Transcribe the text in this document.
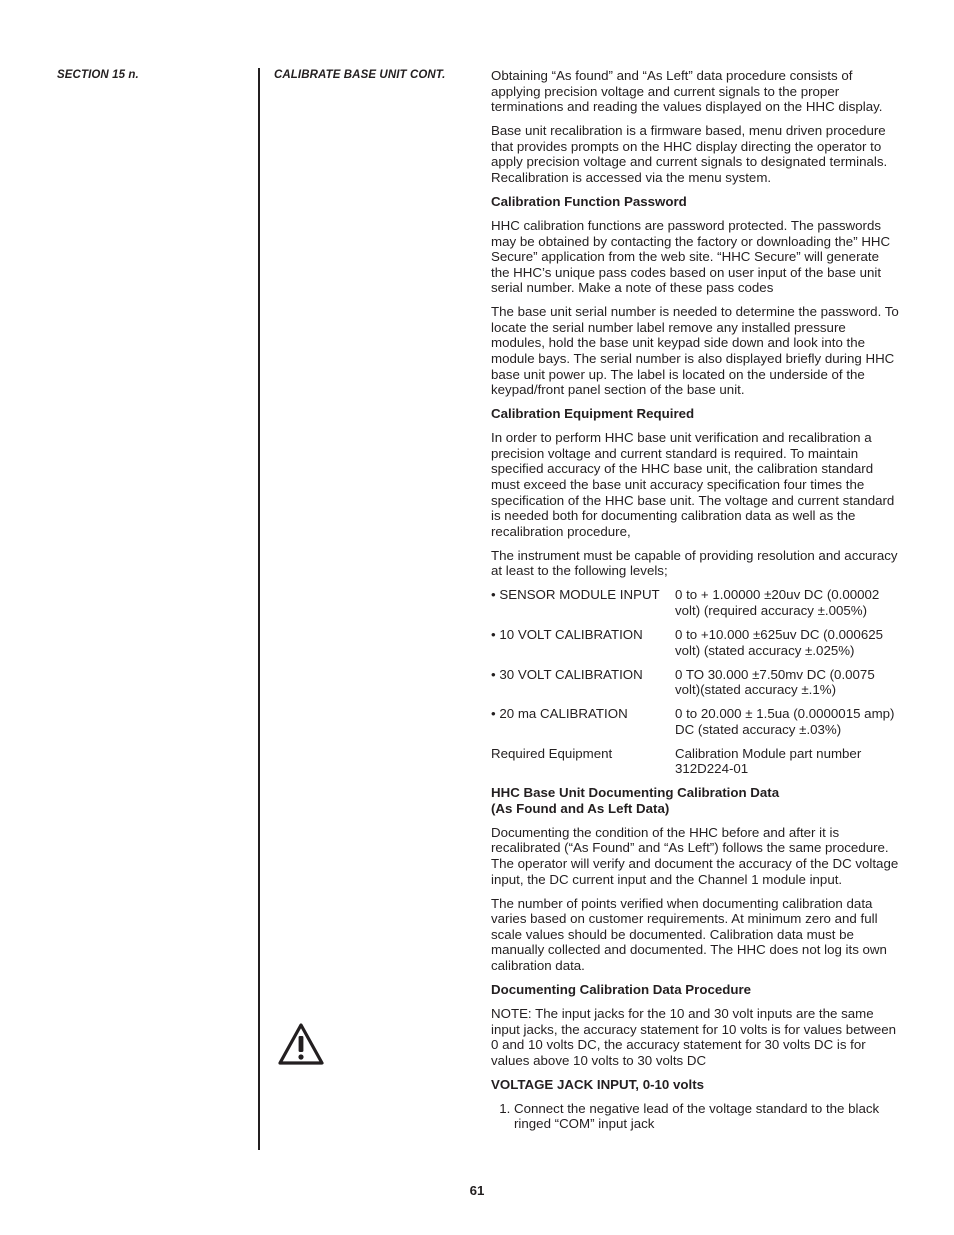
SECTION 15 n.	CALIBRATE BASE UNIT CONT.	Obtaining “As found” and “As Left” data procedure consists of applying precision voltage and current signals to the proper terminations and reading the values displayed on the HHC display.

Base unit recalibration is a firmware based, menu driven procedure that provides prompts on the HHC display directing the operator to apply precision voltage and current signals to designated terminals. Recalibration is accessed via the menu system.

Calibration Function Password

HHC calibration functions are password protected. The passwords may be obtained by contacting the factory or downloading the” HHC Secure” application from the web site. “HHC Secure” will generate the HHC’s unique pass codes based on user input of the base unit serial number. Make a note of these pass codes

The base unit serial number is needed to determine the password. To locate the serial number label remove any installed pressure modules, hold the base unit keypad side down and look into the module bays. The serial number is also displayed briefly during HHC base unit power up. The label is located on the underside of the keypad/front panel section of the base unit.

Calibration Equipment Required

In order to perform HHC base unit verification and recalibration a precision voltage and current standard is required. To maintain specified accuracy of the HHC base unit, the calibration standard must exceed the base unit accuracy specification four times the specification of the HHC base unit. The voltage and current standard is needed both for documenting calibration data as well as the recalibration procedure,

The instrument must be capable of providing resolution and accuracy at least to the following levels;

• SENSOR MODULE INPUT	0 to + 1.00000 ±20uv DC (0.00002 volt) (required accuracy ±.005%)
• 10 VOLT CALIBRATION	0 to +10.000 ±625uv DC (0.000625 volt) (stated accuracy ±.025%)
• 30 VOLT CALIBRATION	0 TO 30.000 ±7.50mv DC (0.0075 volt)(stated accuracy ±.1%)
• 20 ma CALIBRATION	0 to 20.000 ± 1.5ua (0.0000015 amp) DC (stated accuracy ±.03%)
Required Equipment	Calibration Module part number 312D224-01

HHC Base Unit Documenting Calibration Data
(As Found and As Left Data)

Documenting the condition of the HHC before and after it is recalibrated (“As Found” and “As Left”) follows the same procedure. The operator will verify and document the accuracy of the DC voltage input, the DC current input and the Channel 1 module input.

The number of points verified when documenting calibration data varies based on customer requirements. At minimum zero and full scale values should be documented. Calibration data must be manually collected and documented. The HHC does not log its own calibration data.

Documenting Calibration Data Procedure

NOTE: The input jacks for the 10 and 30 volt inputs are the same input jacks, the accuracy statement for 10 volts is for values between 0 and 10 volts DC, the accuracy statement for 30 volts DC is for values above 10 volts to 30 volts DC

VOLTAGE JACK INPUT, 0-10 volts

1. Connect the negative lead of the voltage standard to the black ringed “COM” input jack
61
